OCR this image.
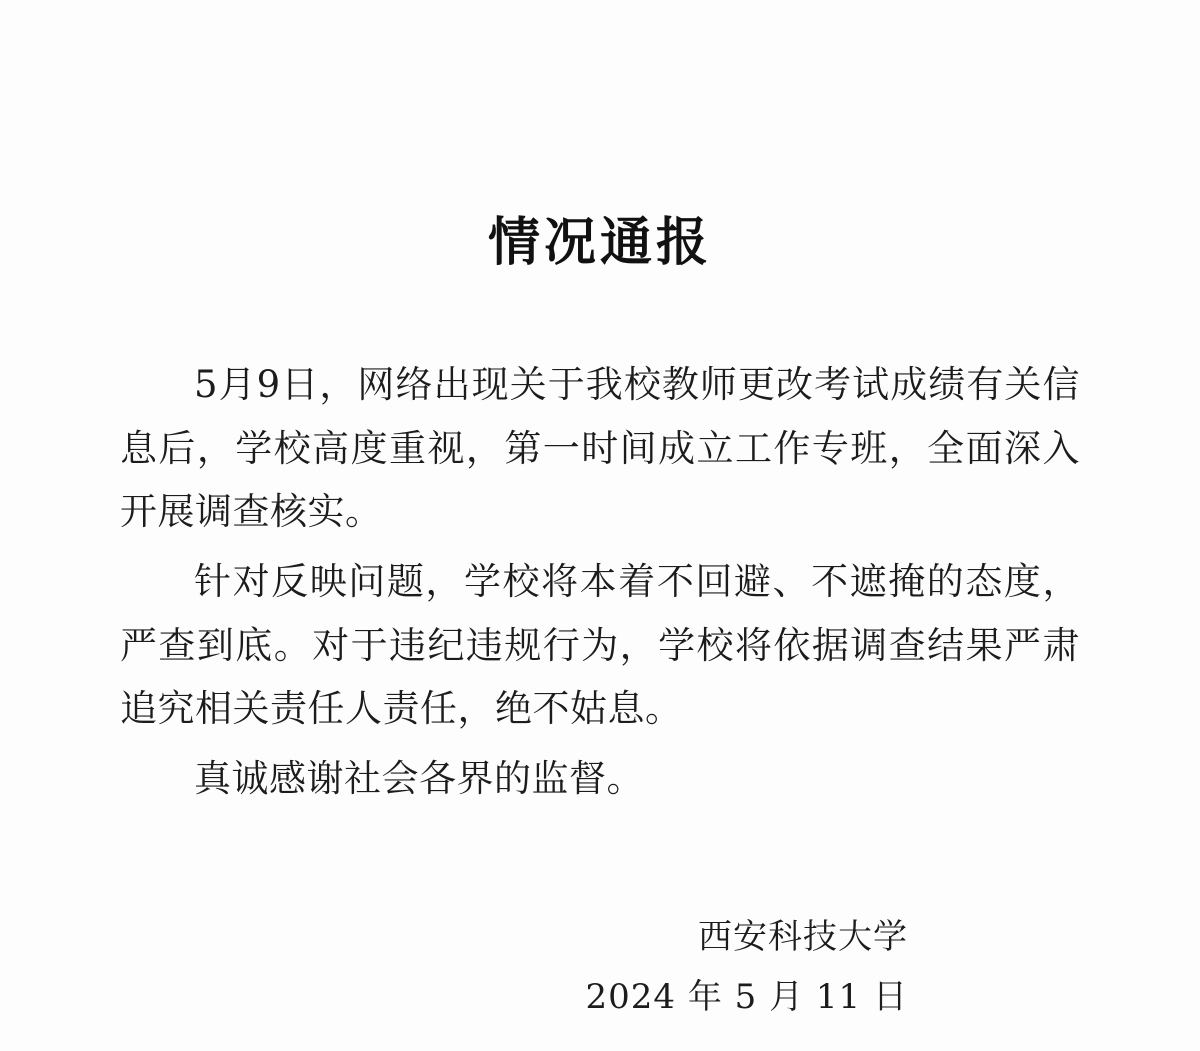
情况通报

5月9日，网络出现关于我校教师更改考试成绩有关信息后，学校高度重视，第一时间成立工作专班，全面深入开展调查核实。

针对反映问题，学校将本着不回避、不遮掩的态度，严查到底。对于违纪违规行为，学校将依据调查结果严肃追究相关责任人责任，绝不姑息。

真诚感谢社会各界的监督。

西安科技大学
2024 年 5 月 11 日
